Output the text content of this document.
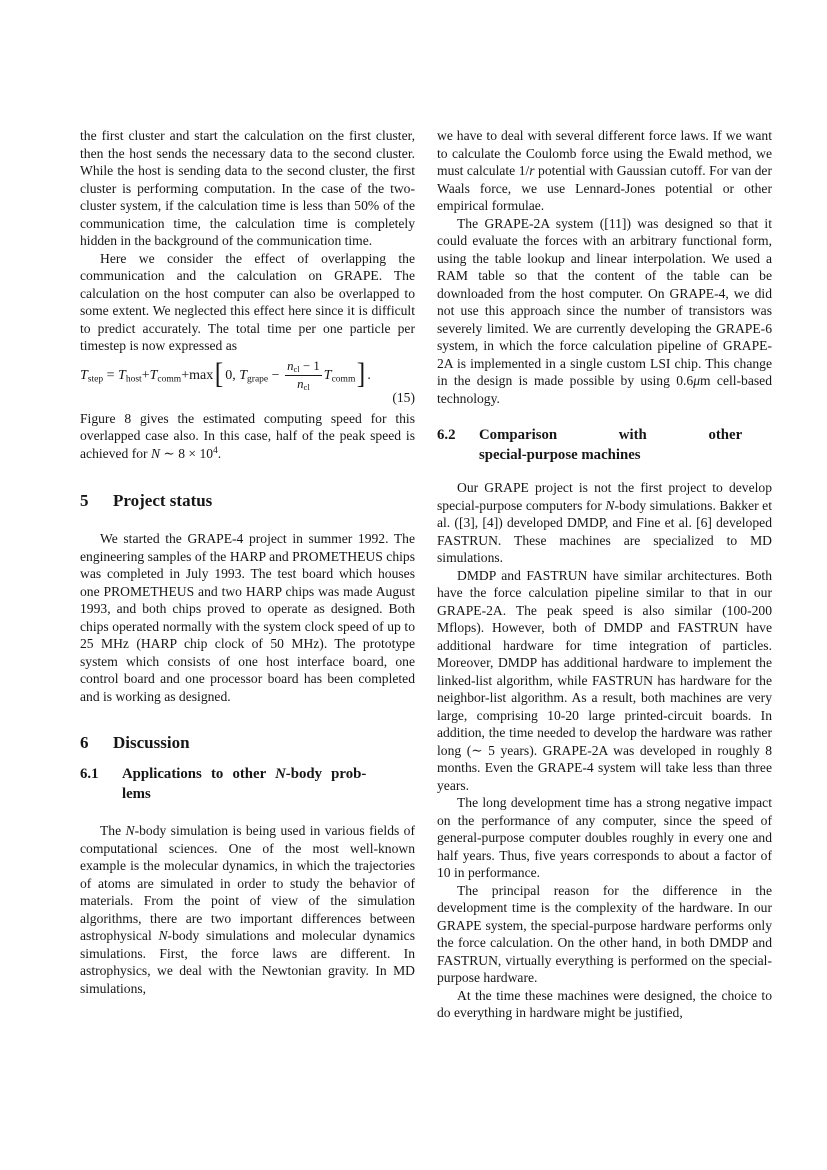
the first cluster and start the calculation on the first cluster, then the host sends the necessary data to the second cluster. While the host is sending data to the second cluster, the first cluster is performing computation. In the case of the two-cluster system, if the calculation time is less than 50% of the communication time, the calculation time is completely hidden in the background of the communication time.

Here we consider the effect of overlapping the communication and the calculation on GRAPE. The calculation on the host computer can also be overlapped to some extent. We neglected this effect here since it is difficult to predict accurately. The total time per one particle per timestep is now expressed as

$T_{step} = T_{host}+T_{comm}+\max$ [ 0, $T_{grape} - \frac{n_{cl} - 1}{n_{cl}} T_{comm}$ ] .
(15)

Figure 8 gives the estimated computing speed for this overlapped case also. In this case, half of the peak speed is achieved for N ∼ $8 \times 10^4$.

5 Project status

We started the GRAPE-4 project in summer 1992. The engineering samples of the HARP and PROMETHEUS chips was completed in July 1993. The test board which houses one PROMETHEUS and two HARP chips was made August 1993, and both chips proved to operate as designed. Both chips operated normally with the system clock speed of up to 25 MHz (HARP chip clock of 50 MHz). The prototype system which consists of one host interface board, one control board and one processor board has been completed and is working as designed.

6 Discussion
6.1 Applications to other N-body prob-
lems

The N-body simulation is being used in various fields of computational sciences. One of the most well-known example is the molecular dynamics, in which the trajectories of atoms are simulated in order to study the behavior of materials. From the point of view of the simulation algorithms, there are two important differences between astrophysical N-body simulations and molecular dynamics simulations. First, the force laws are different. In astrophysics, we deal with the Newtonian gravity. In MD simulations,

we have to deal with several different force laws. If we want to calculate the Coulomb force using the Ewald method, we must calculate 1/r potential with Gaussian cutoff. For van der Waals force, we use Lennard-Jones potential or other empirical formulae.

The GRAPE-2A system ([11]) was designed so that it could evaluate the forces with an arbitrary functional form, using the table lookup and linear interpolation. We used a RAM table so that the content of the table can be downloaded from the host computer. On GRAPE-4, we did not use this approach since the number of transistors was severely limited. We are currently developing the GRAPE-6 system, in which the force calculation pipeline of GRAPE-2A is implemented in a single custom LSI chip. This change in the design is made possible by using 0.6μm cell-based technology.

6.2 Comparison with other
special-purpose machines

Our GRAPE project is not the first project to develop special-purpose computers for N-body simulations. Bakker et al. ([3], [4]) developed DMDP, and Fine et al. [6] developed FASTRUN. These machines are specialized to MD simulations.

DMDP and FASTRUN have similar architectures. Both have the force calculation pipeline similar to that in our GRAPE-2A. The peak speed is also similar (100-200 Mflops). However, both of DMDP and FASTRUN have additional hardware for time integration of particles. Moreover, DMDP has additional hardware to implement the linked-list algorithm, while FASTRUN has hardware for the neighbor-list algorithm. As a result, both machines are very large, comprising 10-20 large printed-circuit boards. In addition, the time needed to develop the hardware was rather long (∼ 5 years). GRAPE-2A was developed in roughly 8 months. Even the GRAPE-4 system will take less than three years.

The long development time has a strong negative impact on the performance of any computer, since the speed of general-purpose computer doubles roughly in every one and half years. Thus, five years corresponds to about a factor of 10 in performance.

The principal reason for the difference in the development time is the complexity of the hardware. In our GRAPE system, the special-purpose hardware performs only the force calculation. On the other hand, in both DMDP and FASTRUN, virtually everything is performed on the special-purpose hardware.

At the time these machines were designed, the choice to do everything in hardware might be justified,
